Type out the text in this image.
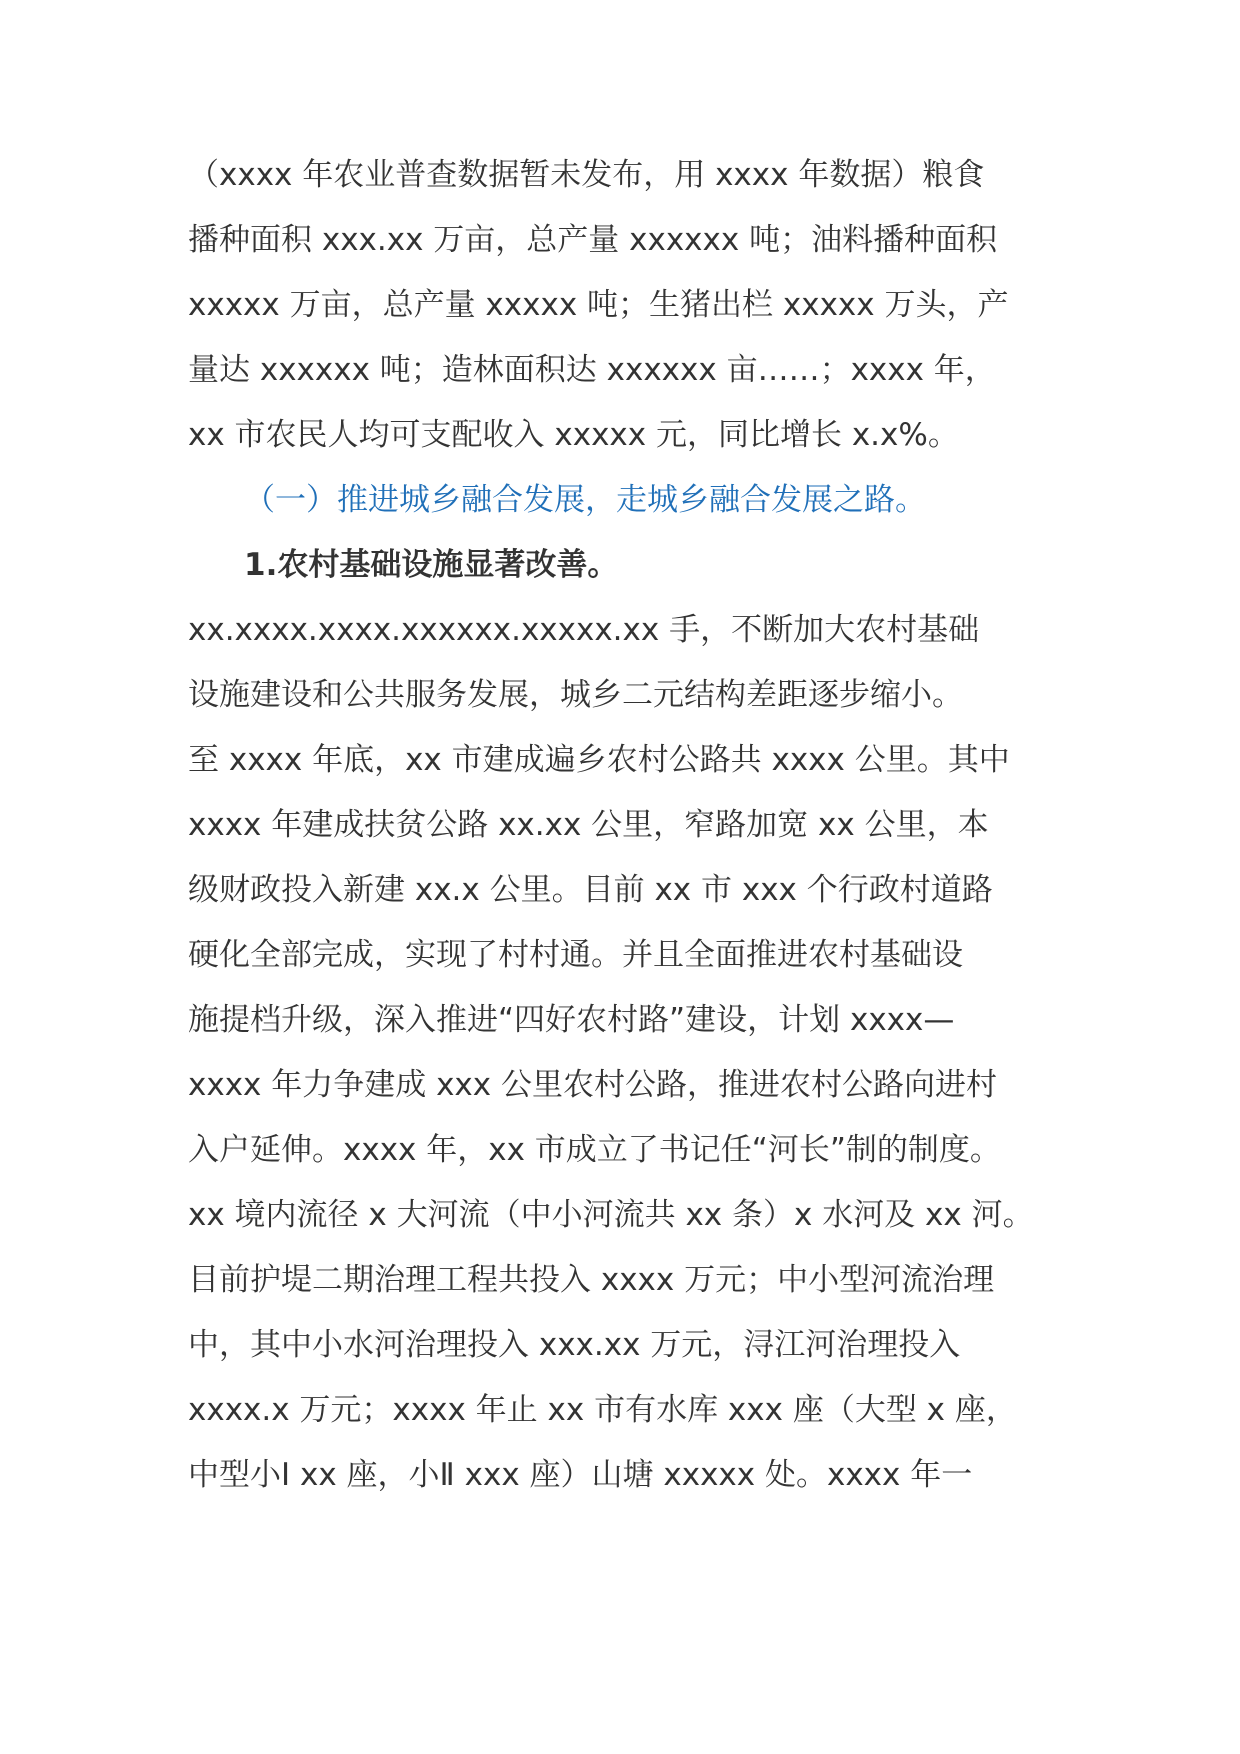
（xxxx 年农业普查数据暂未发布，用 xxxx 年数据）粮食
播种面积 xxx.xx 万亩，总产量 xxxxxx 吨；油料播种面积
xxxxx 万亩，总产量 xxxxx 吨；生猪出栏 xxxxx 万头，产
量达 xxxxxx 吨；造林面积达 xxxxxx 亩……；xxxx 年，
xx 市农民人均可支配收入 xxxxx 元，同比增长 x.x%。
（一）推进城乡融合发展，走城乡融合发展之路。
1.农村基础设施显著改善。
xx.xxxx.xxxx.xxxxxx.xxxxx.xx 手，不断加大农村基础
设施建设和公共服务发展，城乡二元结构差距逐步缩小。
至 xxxx 年底，xx 市建成遍乡农村公路共 xxxx 公里。其中
xxxx 年建成扶贫公路 xx.xx 公里，窄路加宽 xx 公里，本
级财政投入新建 xx.x 公里。目前 xx 市 xxx 个行政村道路
硬化全部完成，实现了村村通。并且全面推进农村基础设
施提档升级，深入推进“四好农村路”建设，计划 xxxx—
xxxx 年力争建成 xxx 公里农村公路，推进农村公路向进村
入户延伸。xxxx 年，xx 市成立了书记任“河长”制的制度。
xx 境内流径 x 大河流（中小河流共 xx 条）x 水河及 xx 河。
目前护堤二期治理工程共投入 xxxx 万元；中小型河流治理
中，其中小水河治理投入 xxx.xx 万元，浔江河治理投入
xxxx.x 万元；xxxx 年止 xx 市有水库 xxx 座（大型 x 座，
中型小Ⅰ xx 座，小Ⅱ xxx 座）山塘 xxxxx 处。xxxx 年一
